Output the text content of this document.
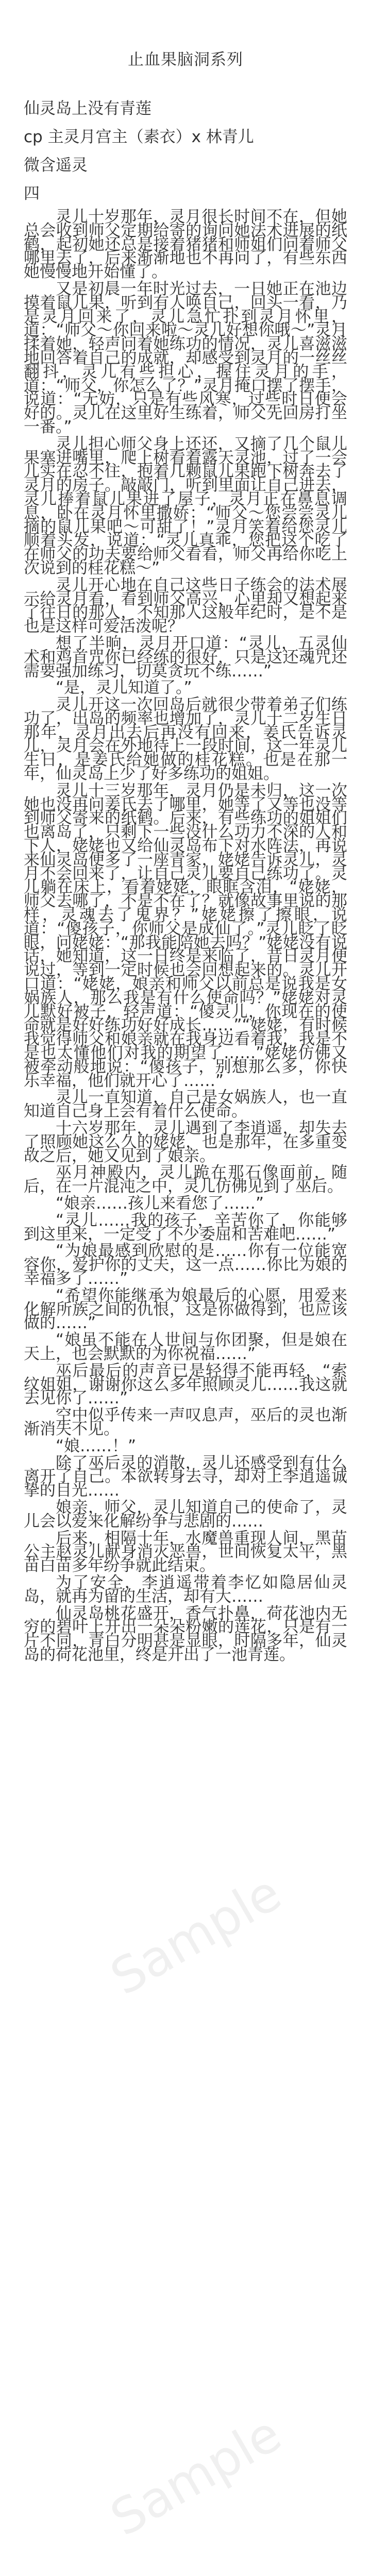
止血果脑洞系列

仙灵岛上没有青莲

cp 主灵月宫主（素衣）x 林青儿

微含遥灵

四

灵儿十岁那年，灵月很长时间不在，但她总会收到师父定期给寄的询问她法术进展的纸鹤，起初她还总是接着猪猪和师姐们问着师父哪里去了，后来渐渐地也不再问了，有些东西她慢慢地开始懂了。

又是初晨一年时光过去，一日她正在池边摸着鼠儿果，听到有人唤自己，回头一看，乃是灵月回来了，灵儿急忙扑到灵月怀里，道：“师父～你回来啦～灵儿好想你哦～”灵月揉着她，轻声问着她练功的情况，灵儿喜滋滋地回答着自己的成就，却感受到灵月的一丝丝翻抖，灵儿有些担心，握住灵月的手，道：“师父，你怎么了？”灵月掩口摆了摆手，说道：“无妨，只是有些风寒，过些时日便会好的。灵儿在这里好生练着，师父先回房打坐一番。”

灵儿担心师父身上还还，又摘了几个鼠儿果塞进嘴里，爬上树看着露天灵池，过了一会儿实在忍不住，抱着几颗鼠儿果跑下树奔去了灵月的房子。敲敲门，听到里面让自己进去，灵儿捧着鼠儿果进了屋子，灵月正在鼻息调息，卧在灵月怀里撒娇：“师父～您尝尝灵儿摘的鼠儿果吧～可甜了！”灵月笑着给您灵儿顺着头发，说道：“灵儿真乖，您把这个吃了在师父的功夫要给师父看看，师父再给你吃上次说到的桂花糕～”

灵儿开心地在自己这些日子练会的法术展示给灵月看，看到师父高兴，心里却又想起来了往日的那人，不知那人这般年纪时，是不是也是这样可爱活泼呢？

想了半晌，灵月开口道：“灵儿，五灵仙术和鸡首咒你已经练的很好，只是这还魂咒还需要强加练习，切莫贪玩不练……”

“是，灵儿知道了。”

灵儿开这一次回岛后就很少带着弟子们练功了，出岛的频率也增加了，灵儿十二岁生日那年，灵月出去后再没有回来，姜氏告诉灵儿，灵月会在外地待上一段时间，这一年灵儿生日，是姜氏给她做的桂花糕。也是在那一年，仙灵岛上少了好多练功的姐姐。

灵儿十三岁那年，灵月仍是未归，这一次她也没再问姜氏去了哪里，她等了又等也没等到师父寄来的纸鹤。后来，有些练功的姐姐们也离岛了，只剩下一些没什么功力不深的人和下人，姥姥也又给仙灵岛布下对水阵法，再说来仙灵岛便多了一座青家，姥姥告诉灵儿，灵月不会回来了，让自己灵儿要自己练功了。灵儿躺在床上，看着姥姥，眼眶含泪，“姥姥，师父去哪了，不是不在了？就像故事里说的那样，灵魂去了鬼界？”姥姥擦了擦眼，说道：“傻孩子，你师父是成仙了。”灵儿眨了眨眼，问姥姥：“那我能陪她去吗？”姥姥没有说话，她知道，这一日终是来临了，昔日灵月便说过，等到一定时候也会回想起来的。灵儿开口道：“姥姥，娘亲和师父以前总是说我是女娲族人，那么我是有什么使命吗？”姥姥对灵儿默好被子，轻声道：“傻灵儿，你现在的使命就是好好练功好好成长……”“姥姥，有时候我觉得师父和娘亲就在我身边看着我，我是不是也太懂他们对我的期望了……”姥姥仿佛又被牵动般地说：“傻孩子，别想那么多，你快乐幸福，他们就开心了……”

灵儿一直知道，自己是女娲族人，也一直知道自己身上会有着什么使命。

十六岁那年，灵儿遇到了李逍遥，却失去了照顾她这么久的姥姥，也是那年，在多重变故之后，她又见到了娘亲。

巫月神殿内，灵儿跪在那石像面前，随后，在一片混沌之中，灵儿仿佛见到了巫后。

“娘亲……孩儿来看您了……”

“灵儿……我的孩子，辛苦你了，你能够到这里来，一定受了不少委屈和苦难吧……”

“为娘最感到欣慰的是……你有一位能宽容你，爱护你的丈夫，这一点……你比为娘的幸福多了……”

“希望你能继承为娘最后的心愿，用爱来化解所族之间的仇恨，这是你做得到，也应该做的……”

“娘虽不能在人世间与你团聚，但是娘在天上，也会默默的为你祝福……”

巫后最后的声音已是轻得不能再轻，“索纹姐姐，谢谢你这么多年照顾灵儿……我这就去见你了……”

空中似乎传来一声叹息声，巫后的灵也渐渐消失不见。

“娘……！”

除了巫后灵的消散，灵儿还感受到有什么离开了自己。本欲转身去寻，却对上李逍遥诚挚的目光……

娘亲，师父，灵儿知道自己的使命了，灵儿会以爱来化解纷争与悲剧的……

后来，相隔十年，水魔兽重现人间，黑苗公主赵灵儿献身消灭恶兽，世间恢复太平，黑苗白苗多年纷争就此结束。

为了安全，李逍遥带着李忆如隐居仙灵岛，就再为留的生活，却有大……

仙灵岛桃花盛开，香气扑鼻，荷花池内无穷的碧叶上开出一朵朵粉嫩的莲花，只是有一片不同，青白分明甚是显眼，时隔多年，仙灵岛的荷花池里，终是开出了一池青莲。

Sample
Sample
